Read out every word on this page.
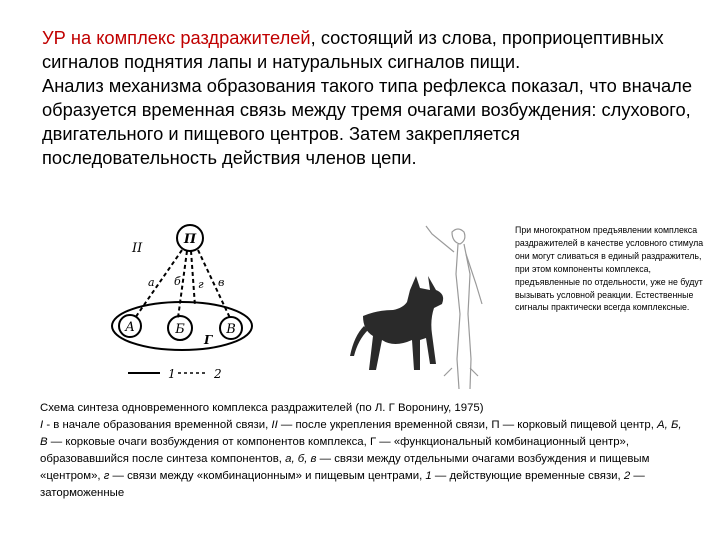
УР на комплекс раздражителей, состоящий из слова, проприоцептивных сигналов поднятия лапы и натуральных сигналов пищи.

Анализ механизма образования такого типа рефлекса показал, что вначале образуется временная связь между тремя очагами возбуждения: слухового, двигательного и пищевого центров. Затем закрепляется последовательность действия членов цепи.

П
II
а б г в
А	Б	В
Г
1	2
При многократном предъявлении комплекса раздражителей в качестве условного стимула они могут сливаться в единый раздражитель, при этом компоненты комплекса, предъявленные по отдельности, уже не будут вызывать условной реакции. Естественные сигналы практически всегда комплексные.
Схема синтеза одновременного комплекса раздражителей (по Л. Г Воронину, 1975)
I - в начале образования временной связи, II — после укрепления временной связи, П — корковый пищевой центр, А, Б, В — корковые очаги возбуждения от компонентов комплекса, Г — «функциональный комбинационный центр», образовавшийся после синтеза компонентов, а, б, в — связи между отдельными очагами возбуждения и пищевым «центром», г — связи между «комбинационным» и пищевым центрами, 1 — действующие временные связи, 2 — заторможенные
